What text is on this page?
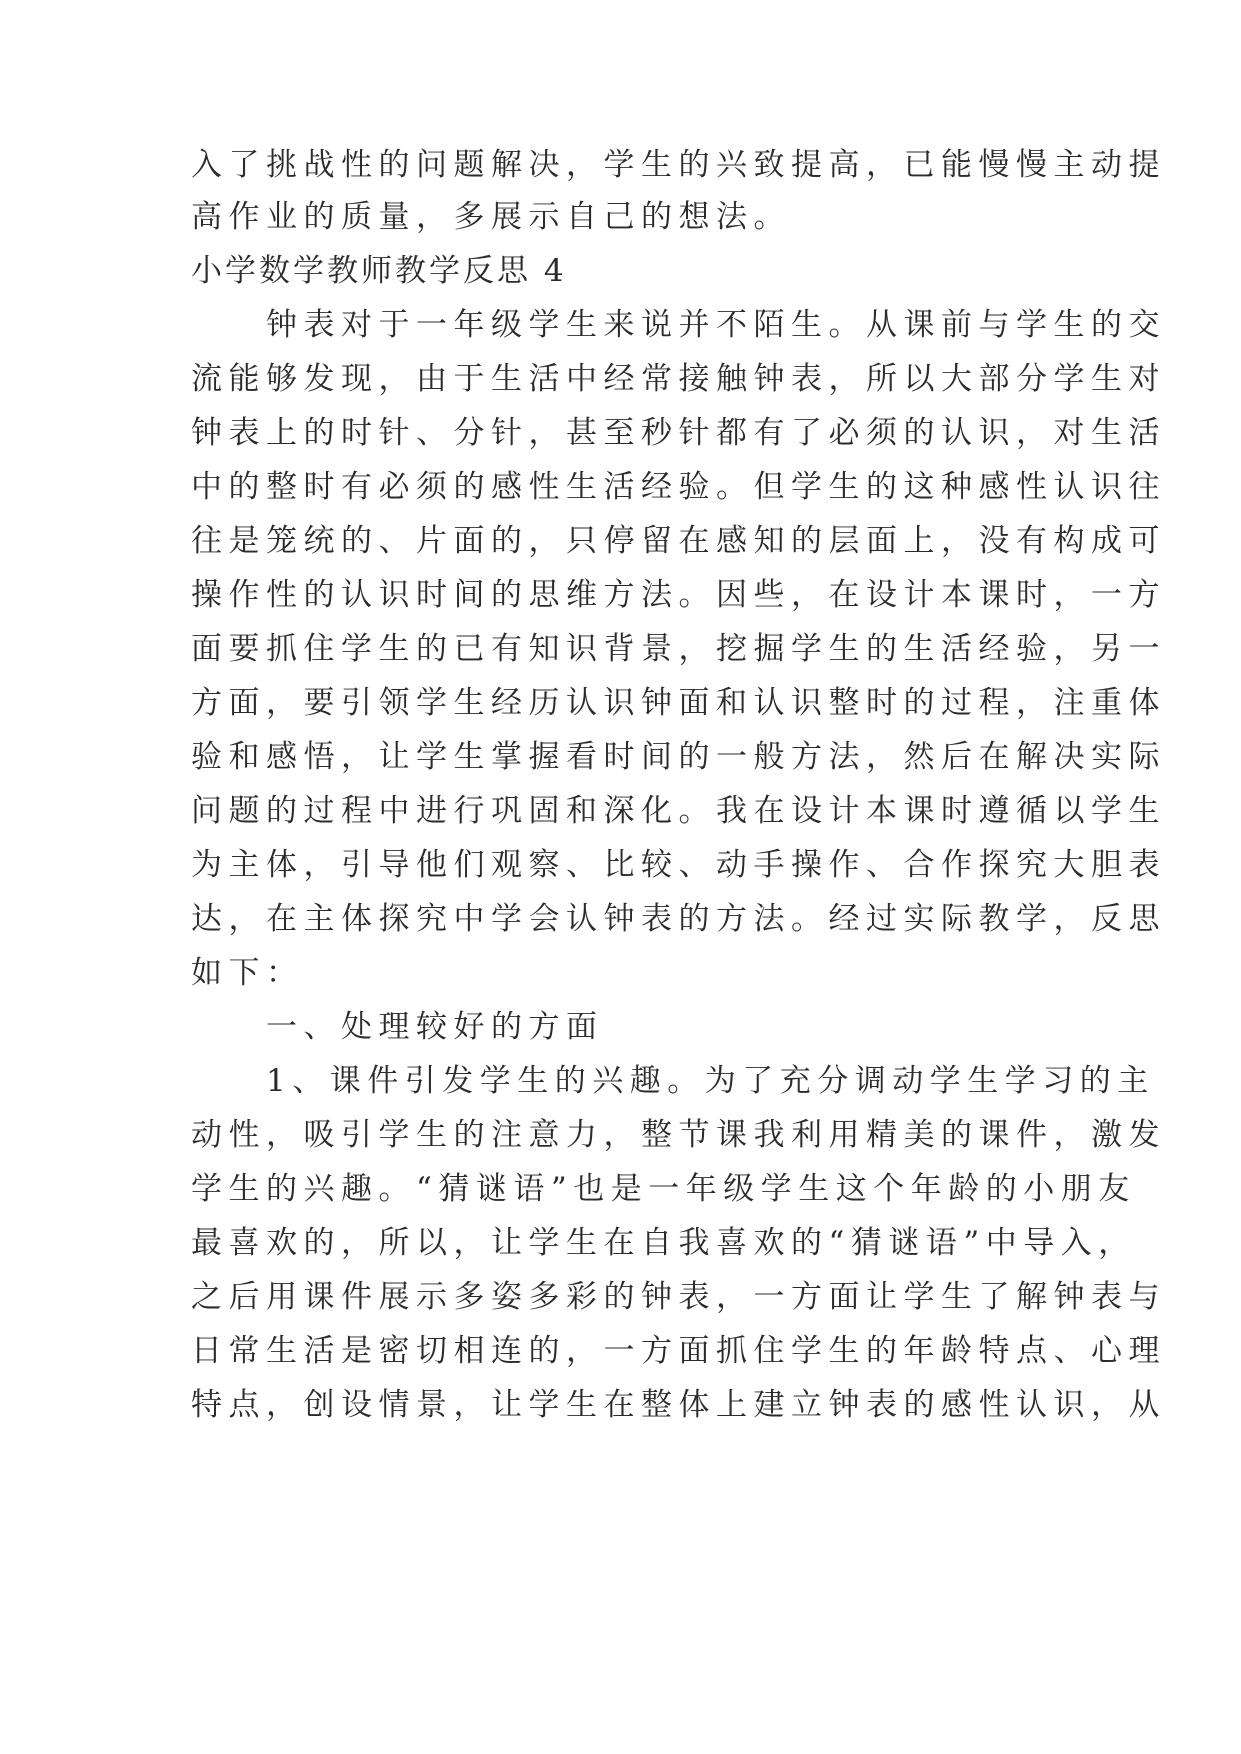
入了挑战性的问题解决，学生的兴致提高，已能慢慢主动提
高作业的质量，多展示自己的想法。
小学数学教师教学反思 4
　　钟表对于一年级学生来说并不陌生。从课前与学生的交
流能够发现，由于生活中经常接触钟表，所以大部分学生对
钟表上的时针、分针，甚至秒针都有了必须的认识，对生活
中的整时有必须的感性生活经验。但学生的这种感性认识往
往是笼统的、片面的，只停留在感知的层面上，没有构成可
操作性的认识时间的思维方法。因些，在设计本课时，一方
面要抓住学生的已有知识背景，挖掘学生的生活经验，另一
方面，要引领学生经历认识钟面和认识整时的过程，注重体
验和感悟，让学生掌握看时间的一般方法，然后在解决实际
问题的过程中进行巩固和深化。我在设计本课时遵循以学生
为主体，引导他们观察、比较、动手操作、合作探究大胆表
达，在主体探究中学会认钟表的方法。经过实际教学，反思
如下：
　　一、处理较好的方面
　　1、课件引发学生的兴趣。为了充分调动学生学习的主
动性，吸引学生的注意力，整节课我利用精美的课件，激发
学生的兴趣。“猜谜语”也是一年级学生这个年龄的小朋友
最喜欢的，所以，让学生在自我喜欢的“猜谜语”中导入，
之后用课件展示多姿多彩的钟表，一方面让学生了解钟表与
日常生活是密切相连的，一方面抓住学生的年龄特点、心理
特点，创设情景，让学生在整体上建立钟表的感性认识，从
